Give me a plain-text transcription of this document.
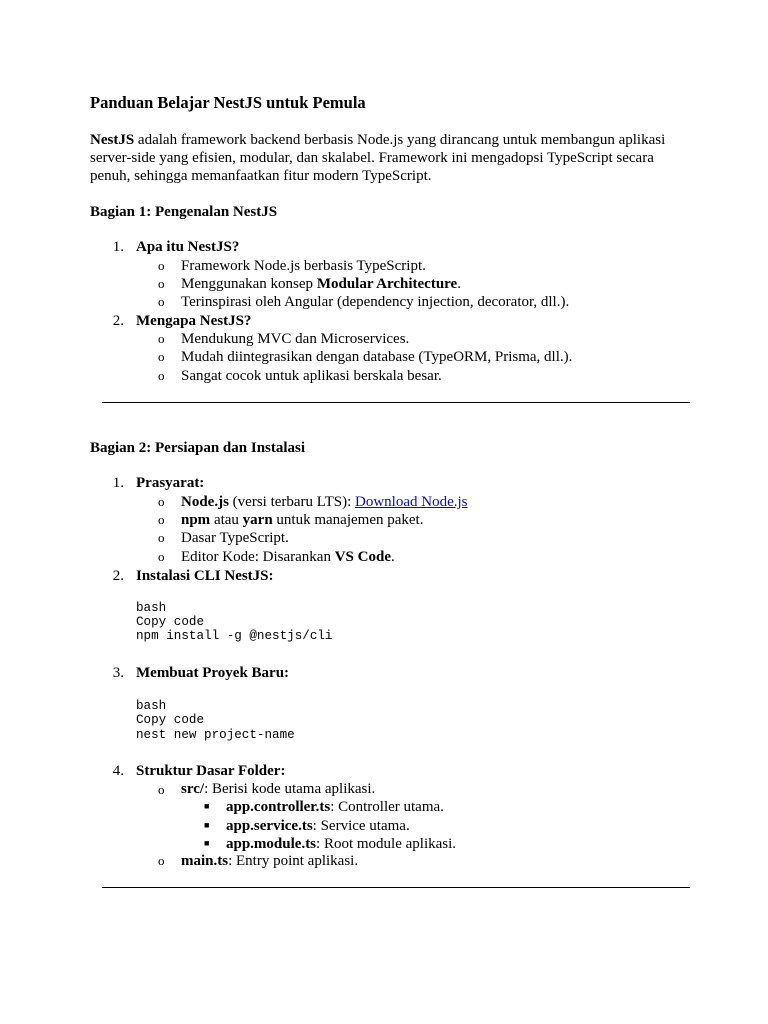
Panduan Belajar NestJS untuk Pemula
NestJS adalah framework backend berbasis Node.js yang dirancang untuk membangun aplikasi server-side yang efisien, modular, dan skalabel. Framework ini mengadopsi TypeScript secara penuh, sehingga memanfaatkan fitur modern TypeScript.
Bagian 1: Pengenalan NestJS
1. Apa itu NestJS?
o Framework Node.js berbasis TypeScript.
o Menggunakan konsep Modular Architecture.
o Terinspirasi oleh Angular (dependency injection, decorator, dll.).
2. Mengapa NestJS?
o Mendukung MVC dan Microservices.
o Mudah diintegrasikan dengan database (TypeORM, Prisma, dll.).
o Sangat cocok untuk aplikasi berskala besar.
Bagian 2: Persiapan dan Instalasi
1. Prasyarat:
o Node.js (versi terbaru LTS): Download Node.js
o npm atau yarn untuk manajemen paket.
o Dasar TypeScript.
o Editor Kode: Disarankan VS Code.
2. Instalasi CLI NestJS:
bash
Copy code
npm install -g @nestjs/cli
3. Membuat Proyek Baru:
bash
Copy code
nest new project-name
4. Struktur Dasar Folder:
o src/: Berisi kode utama aplikasi.
■ app.controller.ts: Controller utama.
■ app.service.ts: Service utama.
■ app.module.ts: Root module aplikasi.
o main.ts: Entry point aplikasi.
